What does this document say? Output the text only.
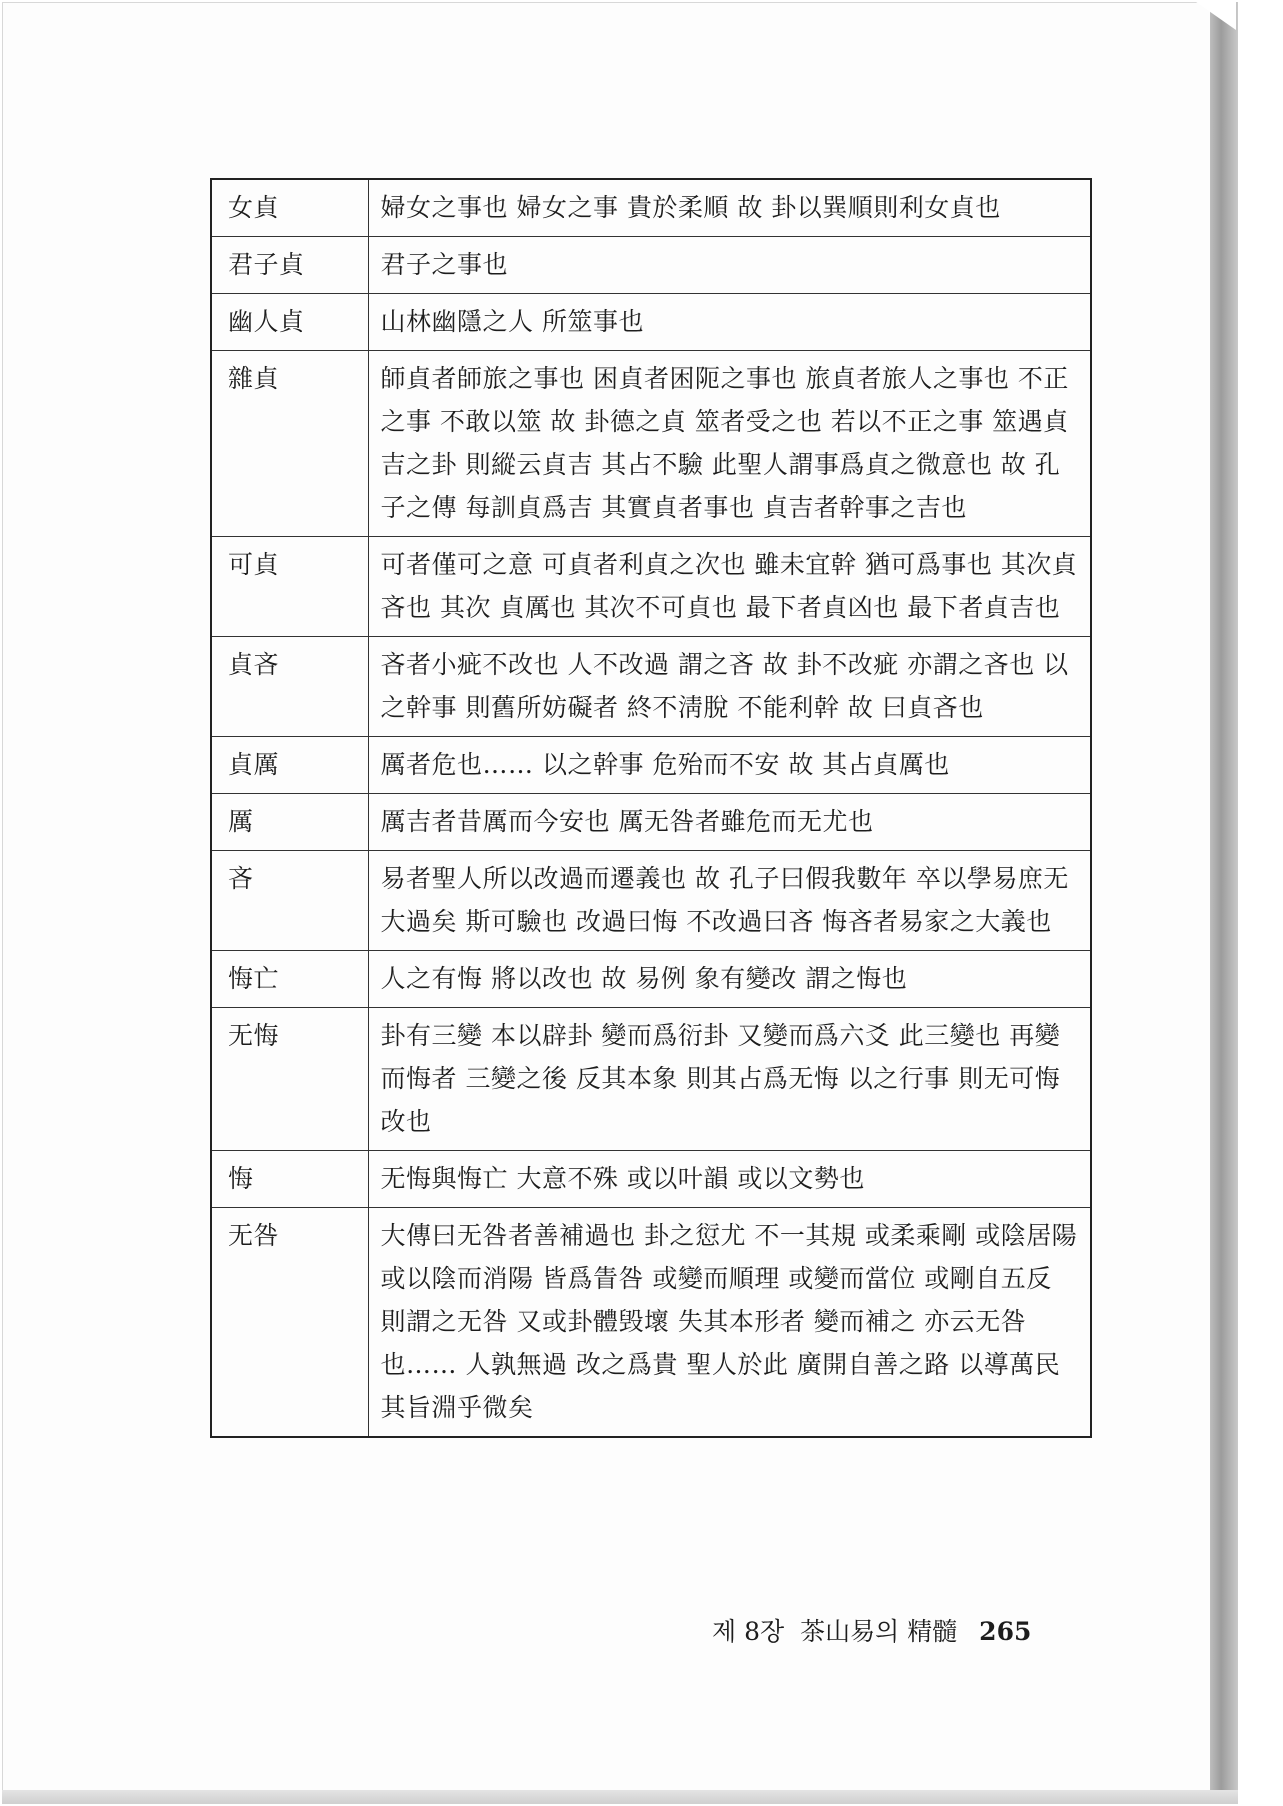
女貞	婦女之事也 婦女之事 貴於柔順 故 卦以巽順則利女貞也
君子貞	君子之事也
幽人貞	山林幽隱之人 所筮事也
雜貞	師貞者師旅之事也 困貞者困阨之事也 旅貞者旅人之事也 不正之事 不敢以筮 故 卦德之貞 筮者受之也 若以不正之事 筮遇貞吉之卦 則縱云貞吉 其占不驗 此聖人謂事爲貞之微意也 故 孔子之傳 每訓貞爲吉 其實貞者事也 貞吉者幹事之吉也
可貞	可者僅可之意 可貞者利貞之次也 雖未宜幹 猶可爲事也 其次貞吝也 其次 貞厲也 其次不可貞也 最下者貞凶也 最下者貞吉也
貞吝	吝者小疵不改也 人不改過 謂之吝 故 卦不改疵 亦謂之吝也 以之幹事 則舊所妨礙者 終不淸脫 不能利幹 故 曰貞吝也
貞厲	厲者危也…… 以之幹事 危殆而不安 故 其占貞厲也
厲	厲吉者昔厲而今安也 厲无咎者雖危而无尤也
吝	易者聖人所以改過而遷義也 故 孔子曰假我數年 卒以學易庶无大過矣 斯可驗也 改過曰悔 不改過曰吝 悔吝者易家之大義也
悔亡	人之有悔 將以改也 故 易例 象有變改 謂之悔也
无悔	卦有三變 本以辟卦 變而爲衍卦 又變而爲六爻 此三變也 再變而悔者 三變之後 反其本象 則其占爲无悔 以之行事 則无可悔改也
悔	无悔與悔亡 大意不殊 或以叶韻 或以文勢也
无咎	大傳曰无咎者善補過也 卦之愆尤 不一其規 或柔乘剛 或陰居陽 或以陰而消陽 皆爲眚咎 或變而順理 或變而當位 或剛自五反 則謂之无咎 又或卦體毁壞 失其本形者 變而補之 亦云无咎也…… 人孰無過 改之爲貴 聖人於此 廣開自善之路 以導萬民 其旨淵乎微矣
제 8장 茶山易의 精髓 265
